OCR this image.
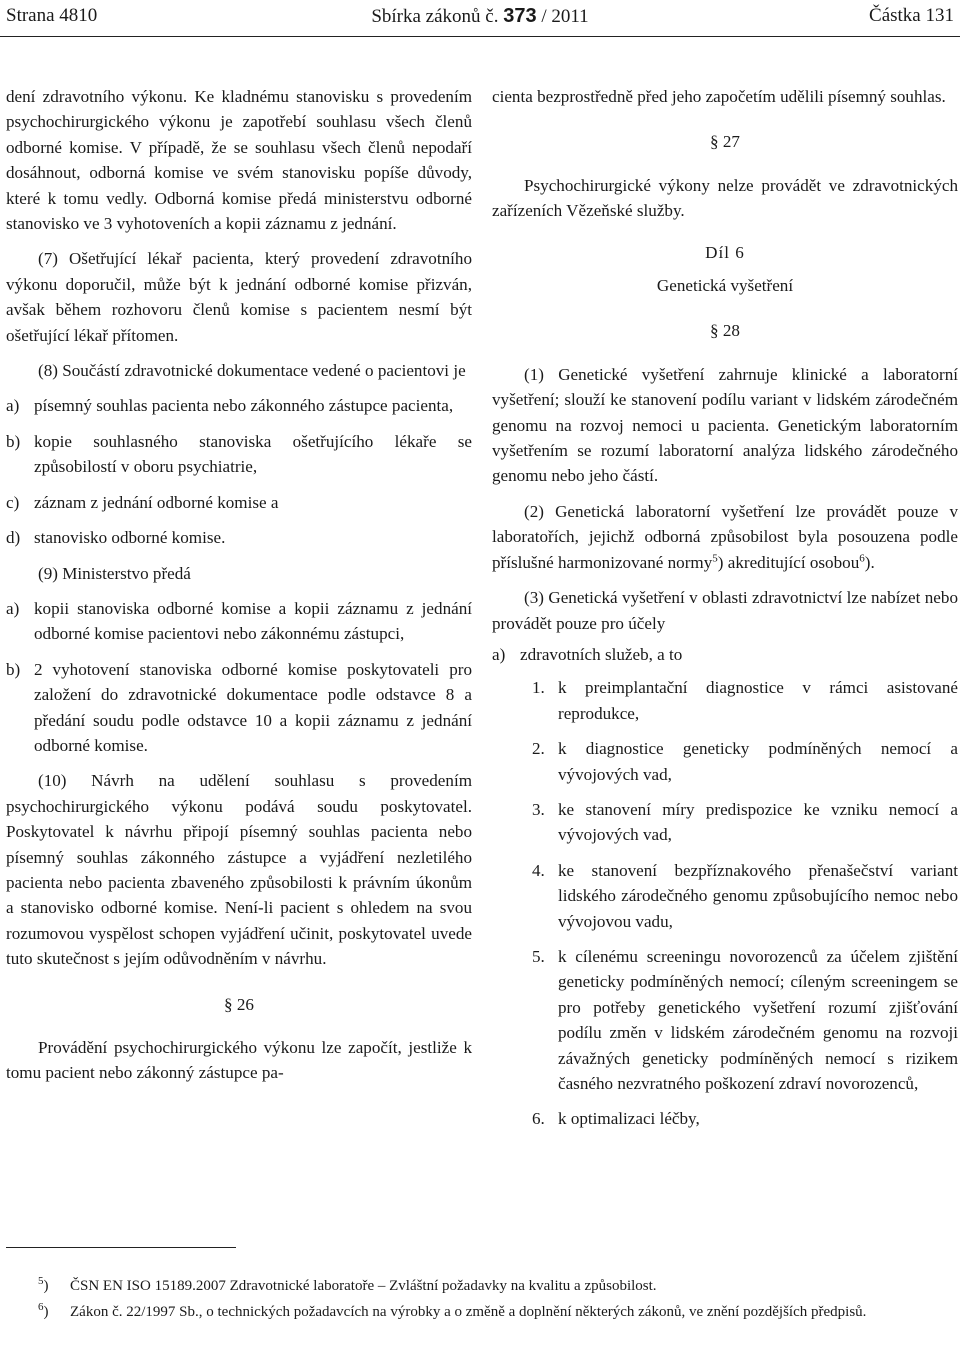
Strana 4810	Sbírka zákonů č. 373 / 2011	Částka 131

dení zdravotního výkonu. Ke kladnému stanovisku s provedením psychochirurgického výkonu je zapotřebí souhlasu všech členů odborné komise. V případě, že se souhlasu všech členů nepodaří dosáhnout, odborná komise ve svém stanovisku popíše důvody, které k tomu vedly. Odborná komise předá ministerstvu odborné stanovisko ve 3 vyhotoveních a kopii záznamu z jednání.

(7) Ošetřující lékař pacienta, který provedení zdravotního výkonu doporučil, může být k jednání odborné komise přizván, avšak během rozhovoru členů komise s pacientem nesmí být ošetřující lékař přítomen.

(8) Součástí zdravotnické dokumentace vedené o pacientovi je

a) písemný souhlas pacienta nebo zákonného zástupce pacienta,
b) kopie souhlasného stanoviska ošetřujícího lékaře se způsobilostí v oboru psychiatrie,
c) záznam z jednání odborné komise a
d) stanovisko odborné komise.

(9) Ministerstvo předá

a) kopii stanoviska odborné komise a kopii záznamu z jednání odborné komise pacientovi nebo zákonnému zástupci,
b) 2 vyhotovení stanoviska odborné komise poskytovateli pro založení do zdravotnické dokumentace podle odstavce 8 a předání soudu podle odstavce 10 a kopii záznamu z jednání odborné komise.

(10) Návrh na udělení souhlasu s provedením psychochirurgického výkonu podává soudu poskytovatel. Poskytovatel k návrhu připojí písemný souhlas pacienta nebo písemný souhlas zákonného zástupce a vyjádření nezletilého pacienta nebo pacienta zbaveného způsobilosti k právním úkonům a stanovisko odborné komise. Není-li pacient s ohledem na svou rozumovou vyspělost schopen vyjádření učinit, poskytovatel uvede tuto skutečnost s jejím odůvodněním v návrhu.

§ 26

Provádění psychochirurgického výkonu lze započít, jestliže k tomu pacient nebo zákonný zástupce pa-

cienta bezprostředně před jeho započetím udělili písemný souhlas.

§ 27

Psychochirurgické výkony nelze provádět ve zdravotnických zařízeních Vězeňské služby.

Díl 6
Genetická vyšetření
§ 28

(1) Genetické vyšetření zahrnuje klinické a laboratorní vyšetření; slouží ke stanovení podílu variant v lidském zárodečném genomu na rozvoj nemoci u pacienta. Genetickým laboratorním vyšetřením se rozumí laboratorní analýza lidského zárodečného genomu nebo jeho částí.

(2) Genetická laboratorní vyšetření lze provádět pouze v laboratořích, jejichž odborná způsobilost byla posouzena podle příslušné harmonizované normy$^5$) akreditující osobou$^6$).

(3) Genetická vyšetření v oblasti zdravotnictví lze nabízet nebo provádět pouze pro účely

a) zdravotních služeb, a to
1. k preimplantační diagnostice v rámci asistované reprodukce,
2. k diagnostice geneticky podmíněných nemocí a vývojových vad,
3. ke stanovení míry predispozice ke vzniku nemocí a vývojových vad,
4. ke stanovení bezpříznakového přenašečství variant lidského zárodečného genomu způsobujícího nemoc nebo vývojovou vadu,
5. k cílenému screeningu novorozenců za účelem zjištění geneticky podmíněných nemocí; cíleným screeningem se pro potřeby genetického vyšetření rozumí zjišťování podílu změn v lidském zárodečném genomu na rozvoji závažných geneticky podmíněných nemocí s rizikem časného nezvratného poškození zdraví novorozenců,
6. k optimalizaci léčby,
$^5$)	ČSN EN ISO 15189.2007 Zdravotnické laboratoře – Zvláštní požadavky na kvalitu a způsobilost.
$^6$)	Zákon č. 22/1997 Sb., o technických požadavcích na výrobky a o změně a doplnění některých zákonů, ve znění pozdějších předpisů.
